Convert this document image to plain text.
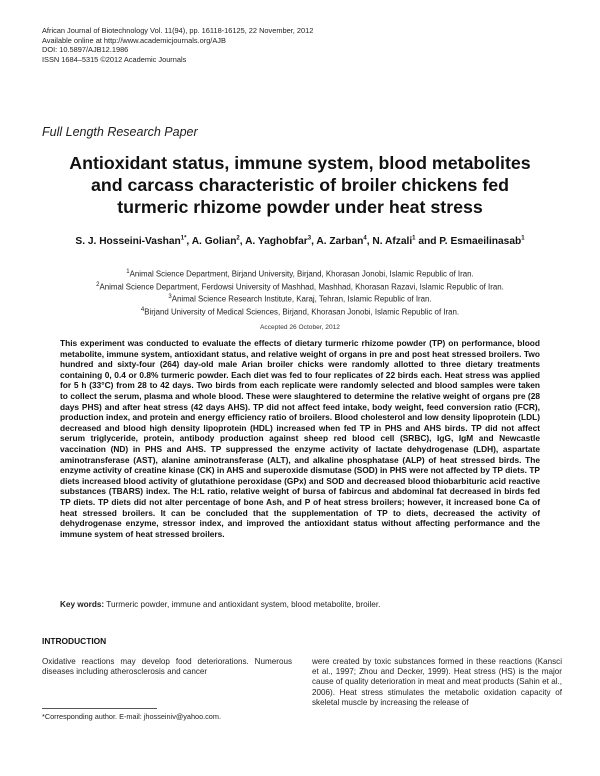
African Journal of Biotechnology Vol. 11(94), pp. 16118-16125, 22 November, 2012
Available online at http://www.academicjournals.org/AJB
DOI: 10.5897/AJB12.1986
ISSN 1684–5315 ©2012 Academic Journals
Full Length Research Paper
Antioxidant status, immune system, blood metabolites and carcass characteristic of broiler chickens fed turmeric rhizome powder under heat stress
S. J. Hosseini-Vashan$^{1*}$, A. Golian$^2$, A. Yaghobfar$^3$, A. Zarban$^4$, N. Afzali$^1$ and P. Esmaeilinasab$^1$
$^1$Animal Science Department, Birjand University, Birjand, Khorasan Jonobi, Islamic Republic of Iran.
$^2$Animal Science Department, Ferdowsi University of Mashhad, Mashhad, Khorasan Razavi, Islamic Republic of Iran.
$^3$Animal Science Research Institute, Karaj, Tehran, Islamic Republic of Iran.
$^4$Birjand University of Medical Sciences, Birjand, Khorasan Jonobi, Islamic Republic of Iran.
Accepted 26 October, 2012
This experiment was conducted to evaluate the effects of dietary turmeric rhizome powder (TP) on performance, blood metabolite, immune system, antioxidant status, and relative weight of organs in pre and post heat stressed broilers. Two hundred and sixty-four (264) day-old male Arian broiler chicks were randomly allotted to three dietary treatments containing 0, 0.4 or 0.8% turmeric powder. Each diet was fed to four replicates of 22 birds each. Heat stress was applied for 5 h (33°C) from 28 to 42 days. Two birds from each replicate were randomly selected and blood samples were taken to collect the serum, plasma and whole blood. These were slaughtered to determine the relative weight of organs pre (28 days PHS) and after heat stress (42 days AHS). TP did not affect feed intake, body weight, feed conversion ratio (FCR), production index, and protein and energy efficiency ratio of broilers. Blood cholesterol and low density lipoprotein (LDL) decreased and blood high density lipoprotein (HDL) increased when fed TP in PHS and AHS birds. TP did not affect serum triglyceride, protein, antibody production against sheep red blood cell (SRBC), IgG, IgM and Newcastle vaccination (ND) in PHS and AHS. TP suppressed the enzyme activity of lactate dehydrogenase (LDH), aspartate aminotransferase (AST), alanine aminotransferase (ALT), and alkaline phosphatase (ALP) of heat stressed birds. The enzyme activity of creatine kinase (CK) in AHS and superoxide dismutase (SOD) in PHS were not affected by TP diets. TP diets increased blood activity of glutathione peroxidase (GPx) and SOD and decreased blood thiobarbituric acid reactive substances (TBARS) index. The H:L ratio, relative weight of bursa of fabircus and abdominal fat decreased in birds fed TP diets. TP diets did not alter percentage of bone Ash, and P of heat stress broilers; however, it increased bone Ca of heat stressed broilers. It can be concluded that the supplementation of TP to diets, decreased the activity of dehydrogenase enzyme, stressor index, and improved the antioxidant status without affecting performance and the immune system of heat stressed broilers.
Key words: Turmeric powder, immune and antioxidant system, blood metabolite, broiler.
INTRODUCTION
Oxidative reactions may develop food deteriorations. Numerous diseases including atherosclerosis and cancer
were created by toxic substances formed in these reactions (Kansci et al., 1997; Zhou and Decker, 1999). Heat stress (HS) is the major cause of quality deterioration in meat and meat products (Sahin et al., 2006). Heat stress stimulates the metabolic oxidation capacity of skeletal muscle by increasing the release of
*Corresponding author. E-mail: jhosseiniv@yahoo.com.
